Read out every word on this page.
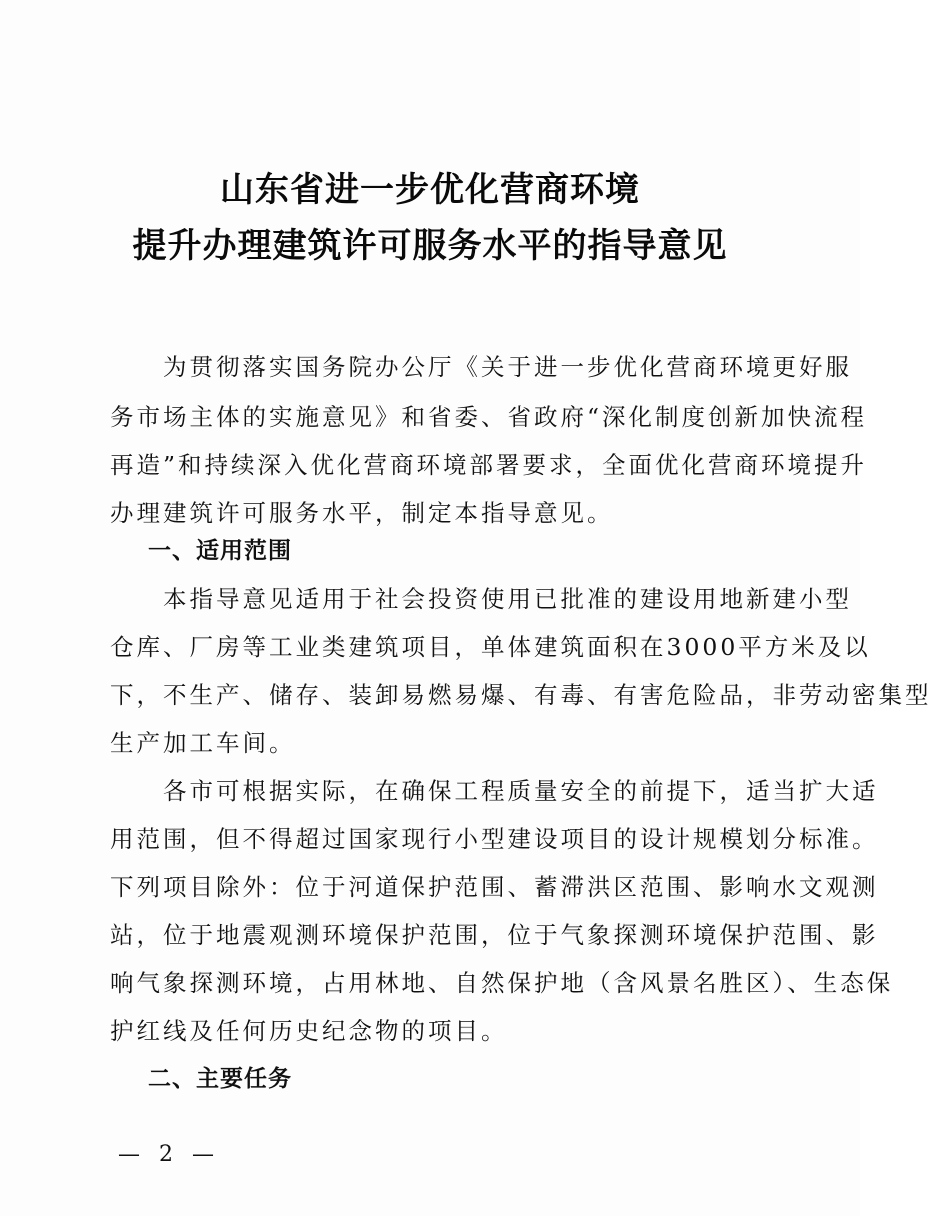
山东省进一步优化营商环境
提升办理建筑许可服务水平的指导意见
　　为贯彻落实国务院办公厅《关于进一步优化营商环境更好服
务市场主体的实施意见》和省委、省政府“深化制度创新加快流程
再造”和持续深入优化营商环境部署要求，全面优化营商环境提升
办理建筑许可服务水平，制定本指导意见。
一、适用范围
　　本指导意见适用于社会投资使用已批准的建设用地新建小型
仓库、厂房等工业类建筑项目，单体建筑面积在3000平方米及以
下，不生产、储存、装卸易燃易爆、有毒、有害危险品，非劳动密集型
生产加工车间。
　　各市可根据实际，在确保工程质量安全的前提下，适当扩大适
用范围，但不得超过国家现行小型建设项目的设计规模划分标准。
下列项目除外：位于河道保护范围、蓄滞洪区范围、影响水文观测
站，位于地震观测环境保护范围，位于气象探测环境保护范围、影
响气象探测环境，占用林地、自然保护地（含风景名胜区）、生态保
护红线及任何历史纪念物的项目。
二、主要任务
— 2 —
